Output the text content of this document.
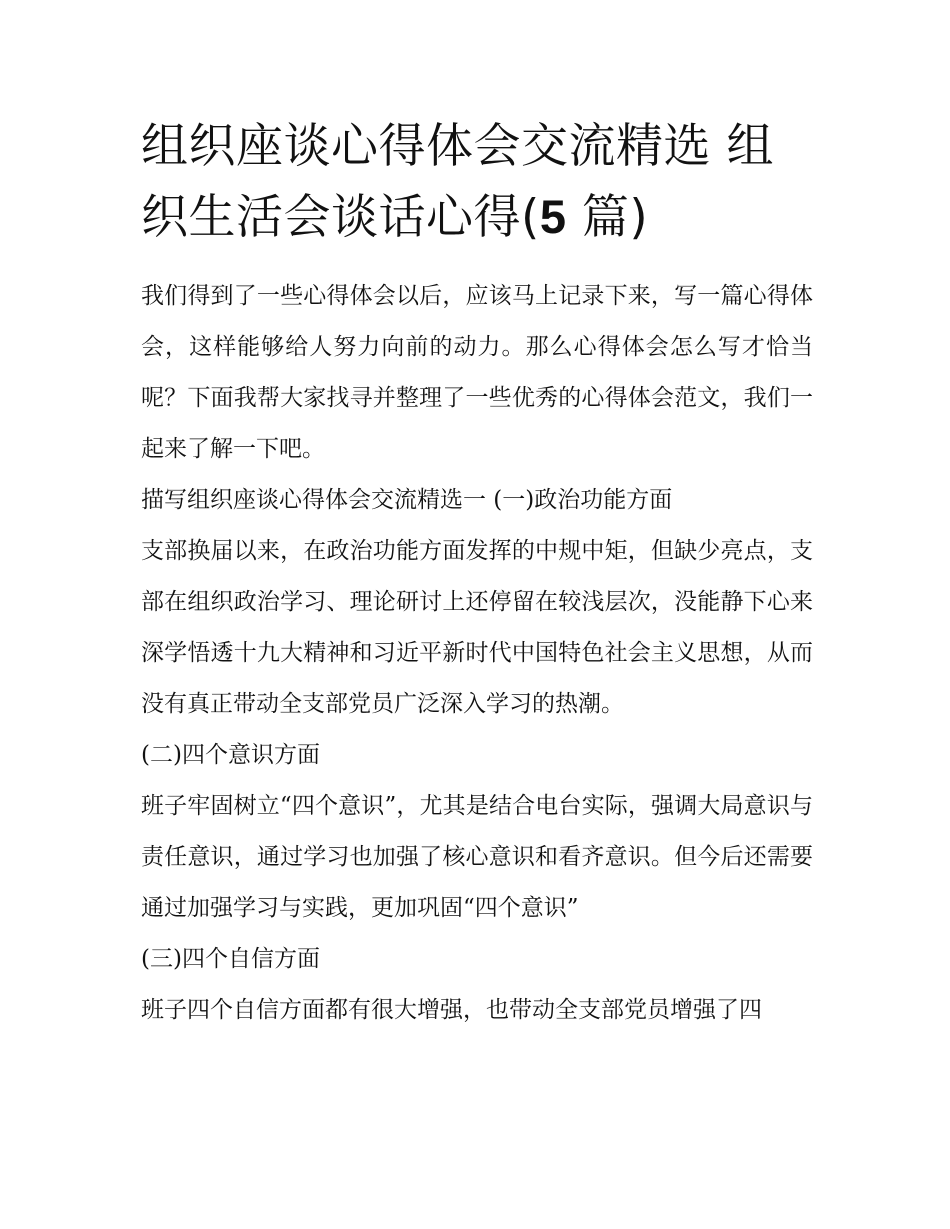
组织座谈心得体会交流精选 组织生活会谈话心得(5 篇)

我们得到了一些心得体会以后，应该马上记录下来，写一篇心得体会，这样能够给人努力向前的动力。那么心得体会怎么写才恰当呢？下面我帮大家找寻并整理了一些优秀的心得体会范文，我们一起来了解一下吧。

描写组织座谈心得体会交流精选一 (一)政治功能方面

支部换届以来，在政治功能方面发挥的中规中矩，但缺少亮点，支部在组织政治学习、理论研讨上还停留在较浅层次，没能静下心来深学悟透十九大精神和习近平新时代中国特色社会主义思想，从而没有真正带动全支部党员广泛深入学习的热潮。

(二)四个意识方面

班子牢固树立“四个意识”，尤其是结合电台实际，强调大局意识与责任意识，通过学习也加强了核心意识和看齐意识。但今后还需要通过加强学习与实践，更加巩固“四个意识”

(三)四个自信方面

班子四个自信方面都有很大增强，也带动全支部党员增强了四
